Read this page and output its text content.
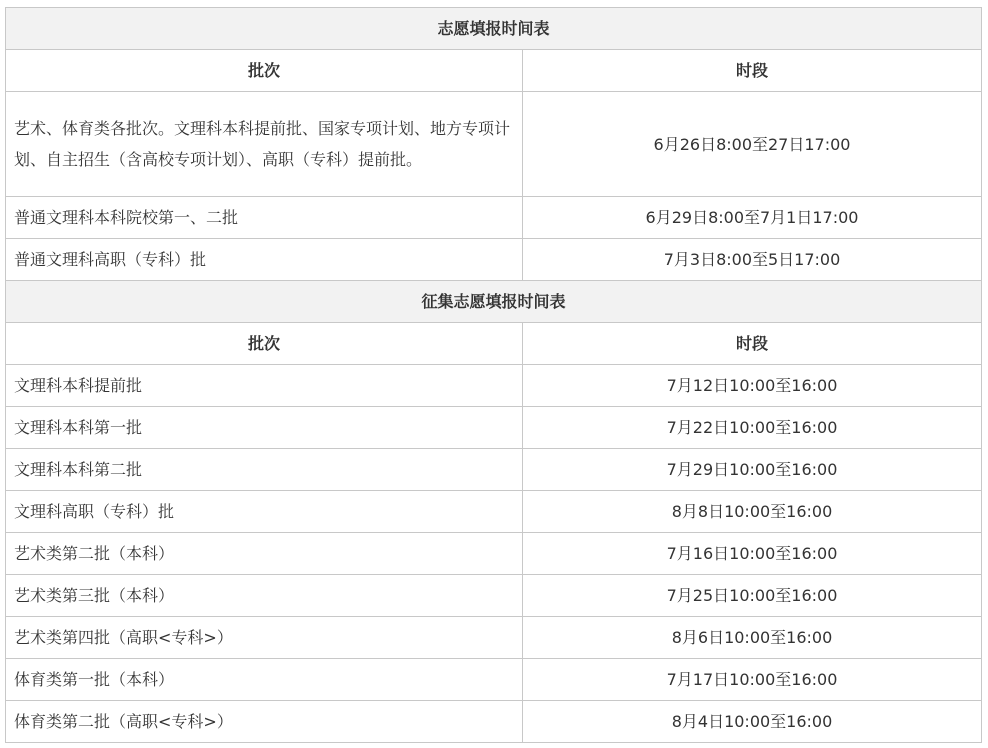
志愿填报时间表	
批次	时段
艺术、体育类各批次。文理科本科提前批、国家专项计划、地方专项计划、自主招生（含高校专项计划）、高职（专科）提前批。	6月26日8:00至27日17:00
普通文理科本科院校第一、二批	6月29日8:00至7月1日17:00
普通文理科高职（专科）批	7月3日8:00至5日17:00
征集志愿填报时间表	
批次	时段
文理科本科提前批	7月12日10:00至16:00
文理科本科第一批	7月22日10:00至16:00
文理科本科第二批	7月29日10:00至16:00
文理科高职（专科）批	8月8日10:00至16:00
艺术类第二批（本科）	7月16日10:00至16:00
艺术类第三批（本科）	7月25日10:00至16:00
艺术类第四批（高职<专科>）	8月6日10:00至16:00
体育类第一批（本科）	7月17日10:00至16:00
体育类第二批（高职<专科>）	8月4日10:00至16:00
